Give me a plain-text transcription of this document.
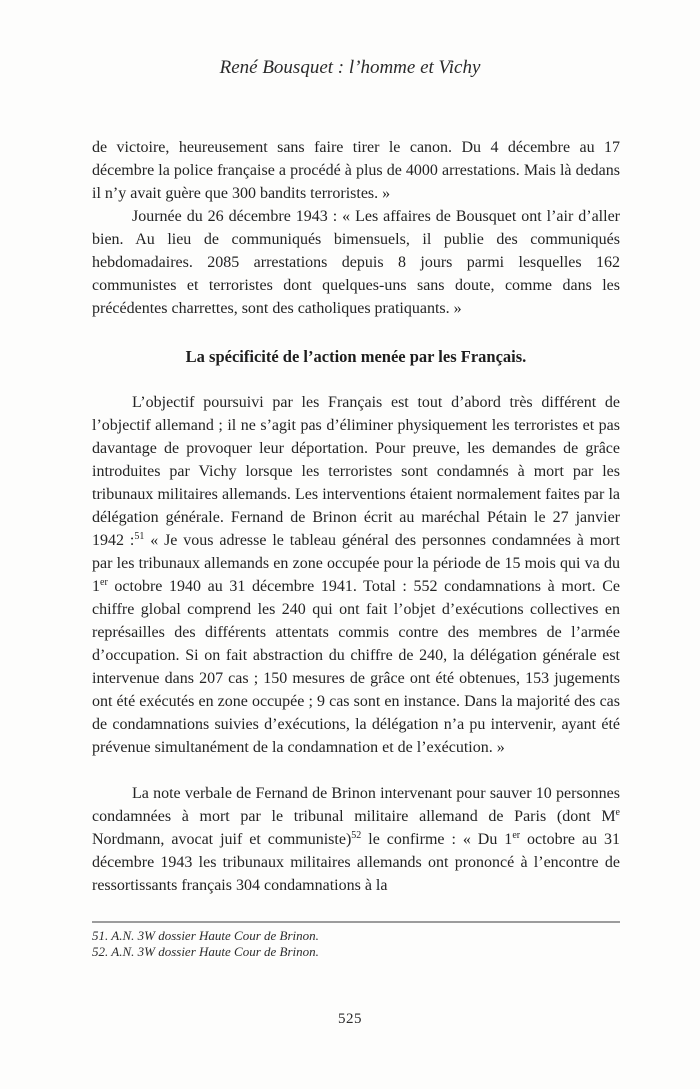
René Bousquet : l’homme et Vichy

de victoire, heureusement sans faire tirer le canon. Du 4 décembre au 17 décembre la police française a procédé à plus de 4000 arrestations. Mais là dedans il n’y avait guère que 300 bandits terroristes. »

Journée du 26 décembre 1943 : « Les affaires de Bousquet ont l’air d’aller bien. Au lieu de communiqués bimensuels, il publie des communiqués hebdomadaires. 2085 arrestations depuis 8 jours parmi lesquelles 162 communistes et terroristes dont quelques-uns sans doute, comme dans les précédentes charrettes, sont des catholiques pratiquants. »

La spécificité de l’action menée par les Français.

L’objectif poursuivi par les Français est tout d’abord très différent de l’objectif allemand ; il ne s’agit pas d’éliminer physiquement les terroristes et pas davantage de provoquer leur déportation. Pour preuve, les demandes de grâce introduites par Vichy lorsque les terroristes sont condamnés à mort par les tribunaux militaires allemands. Les interventions étaient normalement faites par la délégation générale. Fernand de Brinon écrit au maréchal Pétain le 27 janvier 1942 :$^{51}$ « Je vous adresse le tableau général des personnes condamnées à mort par les tribunaux allemands en zone occupée pour la période de 15 mois qui va du 1er octobre 1940 au 31 décembre 1941. Total : 552 condamnations à mort. Ce chiffre global comprend les 240 qui ont fait l’objet d’exécutions collectives en représailles des différents attentats commis contre des membres de l’armée d’occupation. Si on fait abstraction du chiffre de 240, la délégation générale est intervenue dans 207 cas ; 150 mesures de grâce ont été obtenues, 153 jugements ont été exécutés en zone occupée ; 9 cas sont en instance. Dans la majorité des cas de condamnations suivies d’exécutions, la délégation n’a pu intervenir, ayant été prévenue simultanément de la condamnation et de l’exécution. »

La note verbale de Fernand de Brinon intervenant pour sauver 10 personnes condamnées à mort par le tribunal militaire allemand de Paris (dont Me Nordmann, avocat juif et communiste)$^{52}$ le confirme : « Du 1er octobre au 31 décembre 1943 les tribunaux militaires allemands ont prononcé à l’encontre de ressortissants français 304 condamnations à la

51. A.N. 3W dossier Haute Cour de Brinon.
52. A.N. 3W dossier Haute Cour de Brinon.
525
